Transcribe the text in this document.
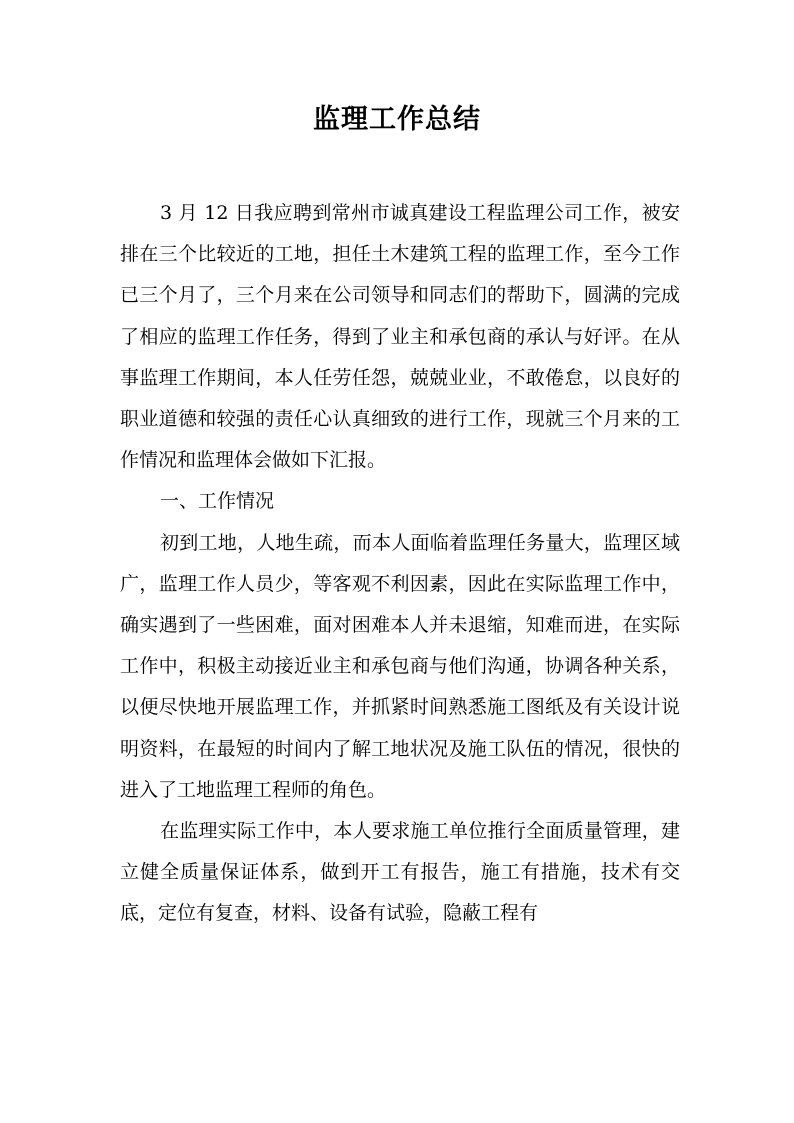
监理工作总结

3 月 12 日我应聘到常州市诚真建设工程监理公司工作，被安排在三个比较近的工地，担任土木建筑工程的监理工作，至今工作已三个月了，三个月来在公司领导和同志们的帮助下，圆满的完成了相应的监理工作任务，得到了业主和承包商的承认与好评。在从事监理工作期间，本人任劳任怨，兢兢业业，不敢倦怠，以良好的职业道德和较强的责任心认真细致的进行工作，现就三个月来的工作情况和监理体会做如下汇报。

一、工作情况

初到工地，人地生疏，而本人面临着监理任务量大，监理区域广，监理工作人员少，等客观不利因素，因此在实际监理工作中，确实遇到了一些困难，面对困难本人并未退缩，知难而进，在实际工作中，积极主动接近业主和承包商与他们沟通，协调各种关系，以便尽快地开展监理工作，并抓紧时间熟悉施工图纸及有关设计说明资料，在最短的时间内了解工地状况及施工队伍的情况，很快的进入了工地监理工程师的角色。

在监理实际工作中，本人要求施工单位推行全面质量管理，建立健全质量保证体系，做到开工有报告，施工有措施，技术有交底，定位有复查，材料、设备有试验，隐蔽工程有
